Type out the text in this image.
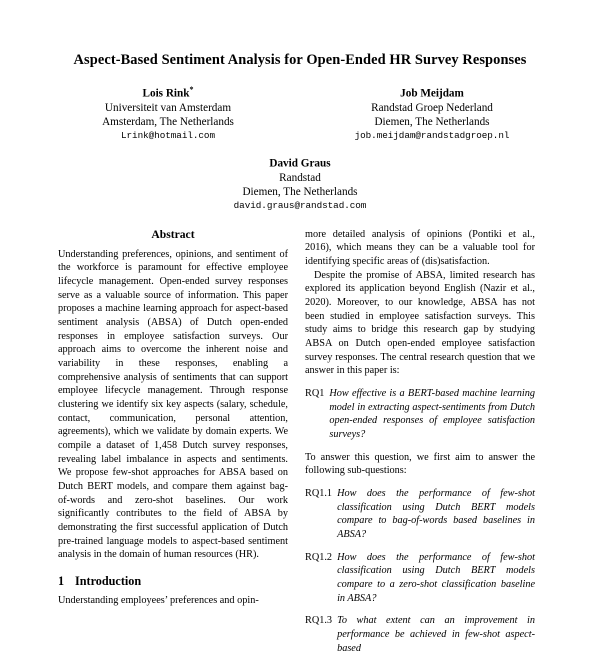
Aspect-Based Sentiment Analysis for Open-Ended HR Survey Responses
Lois Rink*
Universiteit van Amsterdam
Amsterdam, The Netherlands
Lrink@hotmail.com
Job Meijdam
Randstad Groep Nederland
Diemen, The Netherlands
job.meijdam@randstadgroep.nl
David Graus
Randstad
Diemen, The Netherlands
david.graus@randstad.com
Abstract

Understanding preferences, opinions, and sentiment of the workforce is paramount for effective employee lifecycle management. Open-ended survey responses serve as a valuable source of information. This paper proposes a machine learning approach for aspect-based sentiment analysis (ABSA) of Dutch open-ended responses in employee satisfaction surveys. Our approach aims to overcome the inherent noise and variability in these responses, enabling a comprehensive analysis of sentiments that can support employee lifecycle management. Through response clustering we identify six key aspects (salary, schedule, contact, communication, personal attention, agreements), which we validate by domain experts. We compile a dataset of 1,458 Dutch survey responses, revealing label imbalance in aspects and sentiments. We propose few-shot approaches for ABSA based on Dutch BERT models, and compare them against bag-of-words and zero-shot baselines. Our work significantly contributes to the field of ABSA by demonstrating the first successful application of Dutch pre-trained language models to aspect-based sentiment analysis in the domain of human resources (HR).

1 Introduction

Understanding employees’ preferences and opin-

more detailed analysis of opinions (Pontiki et al., 2016), which means they can be a valuable tool for identifying specific areas of (dis)satisfaction.

Despite the promise of ABSA, limited research has explored its application beyond English (Nazir et al., 2020). Moreover, to our knowledge, ABSA has not been studied in employee satisfaction surveys. This study aims to bridge this research gap by studying ABSA on Dutch open-ended employee satisfaction survey responses. The central research question that we answer in this paper is:

RQ1 How effective is a BERT-based machine learning model in extracting aspect-sentiments from Dutch open-ended responses of employee satisfaction surveys?

To answer this question, we first aim to answer the following sub-questions:

RQ1.1 How does the performance of few-shot classification using Dutch BERT models compare to bag-of-words based baselines in ABSA?
RQ1.2 How does the performance of few-shot classification using Dutch BERT models compare to a zero-shot classification baseline in ABSA?
RQ1.3 To what extent can an improvement in performance be achieved in few-shot aspect-based
